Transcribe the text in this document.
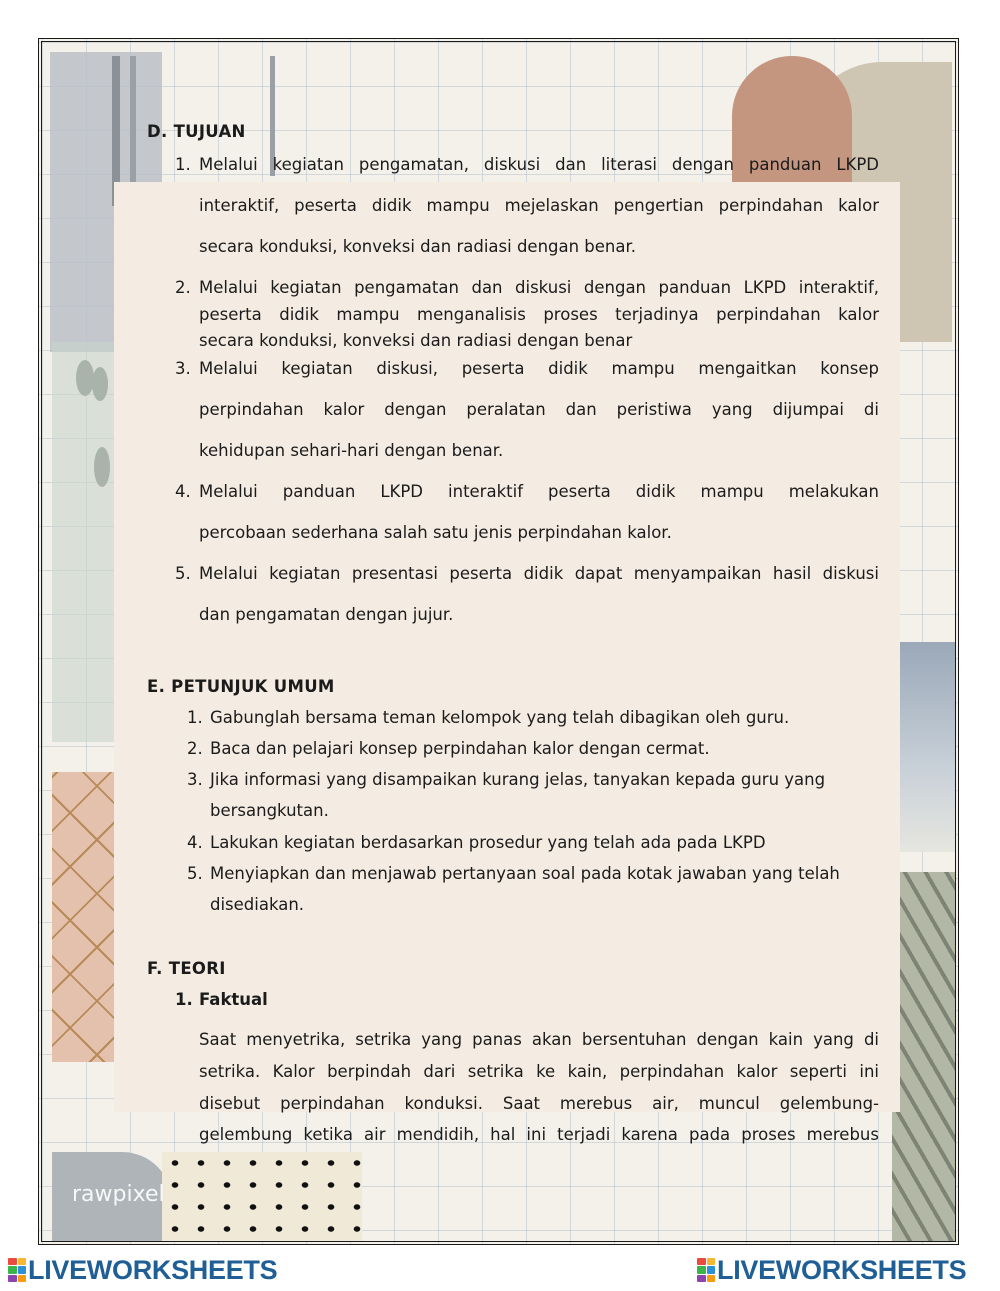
rawpixel
D. TUJUAN
1. Melalui kegiatan pengamatan, diskusi dan literasi dengan panduan LKPD
interaktif, peserta didik mampu mejelaskan pengertian perpindahan kalor
secara konduksi, konveksi dan radiasi dengan benar.
2. Melalui kegiatan pengamatan dan diskusi dengan panduan LKPD interaktif,
peserta didik mampu menganalisis proses terjadinya perpindahan kalor
secara konduksi, konveksi dan radiasi dengan benar
3. Melalui kegiatan diskusi, peserta didik mampu mengaitkan konsep
perpindahan kalor dengan peralatan dan peristiwa yang dijumpai di
kehidupan sehari-hari dengan benar.
4. Melalui panduan LKPD interaktif peserta didik mampu melakukan
percobaan sederhana salah satu jenis perpindahan kalor.
5. Melalui kegiatan presentasi peserta didik dapat menyampaikan hasil diskusi
dan pengamatan dengan jujur.
E. PETUNJUK UMUM
1. Gabunglah bersama teman kelompok yang telah dibagikan oleh guru.
2. Baca dan pelajari konsep perpindahan kalor dengan cermat.
3. Jika informasi yang disampaikan kurang jelas, tanyakan kepada guru yang
bersangkutan.
4. Lakukan kegiatan berdasarkan prosedur yang telah ada pada LKPD
5. Menyiapkan dan menjawab pertanyaan soal pada kotak jawaban yang telah
disediakan.
F. TEORI
1. Faktual
Saat menyetrika, setrika yang panas akan bersentuhan dengan kain yang di
setrika. Kalor berpindah dari setrika ke kain, perpindahan kalor seperti ini
disebut perpindahan konduksi. Saat merebus air, muncul gelembung-
gelembung ketika air mendidih, hal ini terjadi karena pada proses merebus
LIVEWORKSHEETS	LIVEWORKSHEETS
